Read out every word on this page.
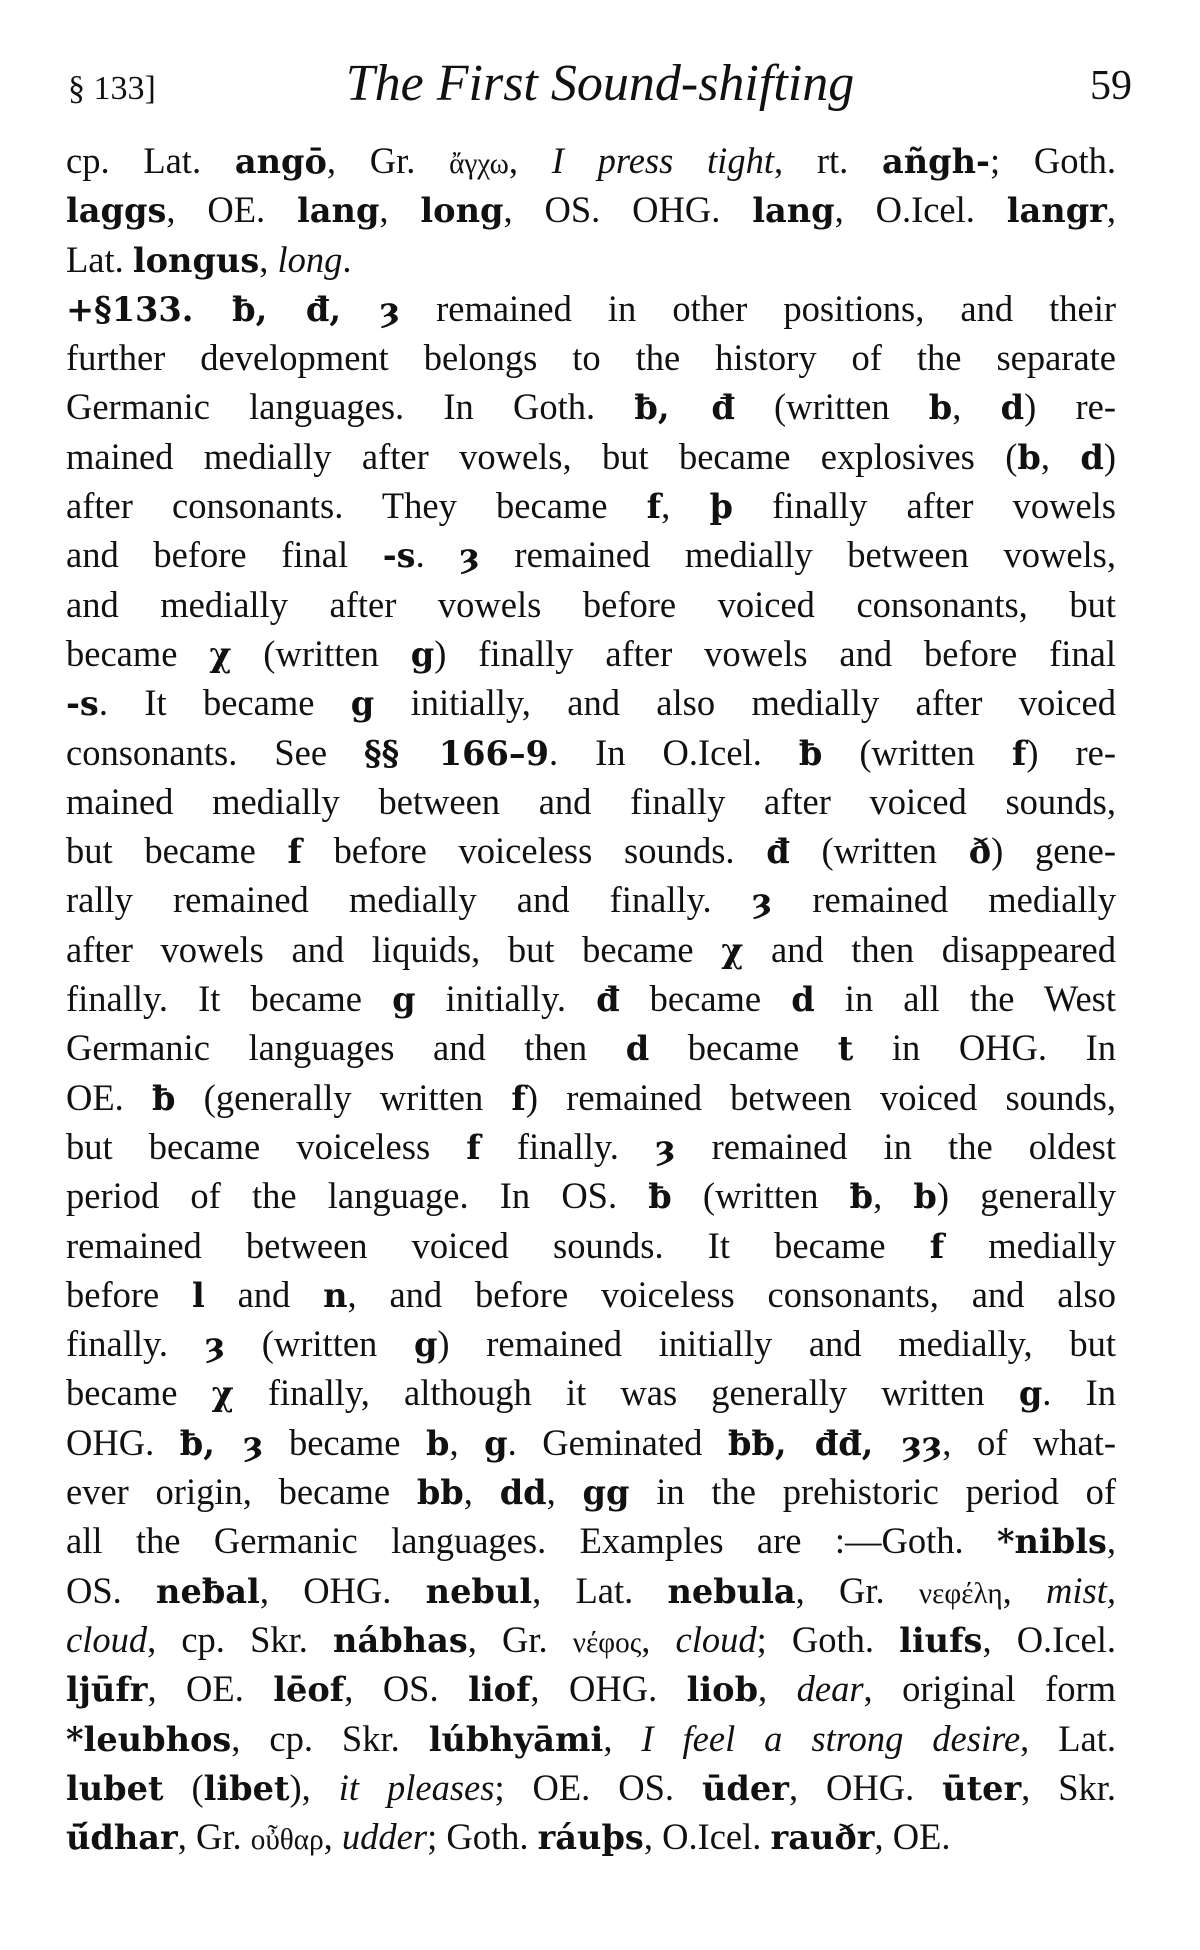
§ 133]	The First Sound-shifting	59
cp. Lat. angō, Gr. ἄγχω, I press tight, rt. añgh-; Goth.
laggs, OE. lang, long, OS. OHG. lang, O.Icel. langr,
Lat. longus, long.
+§133. ƀ, đ, ȝ remained in other positions, and their
further development belongs to the history of the separate
Germanic languages. In Goth. ƀ, đ (written b, d) re-
mained medially after vowels, but became explosives (b, d)
after consonants. They became f, þ finally after vowels
and before final -s. ȝ remained medially between vowels,
and medially after vowels before voiced consonants, but
became χ (written g) finally after vowels and before final
-s. It became g initially, and also medially after voiced
consonants. See §§ 166–9. In O.Icel. ƀ (written f) re-
mained medially between and finally after voiced sounds,
but became f before voiceless sounds. đ (written ð) gene-
rally remained medially and finally. ȝ remained medially
after vowels and liquids, but became χ and then disappeared
finally. It became g initially. đ became d in all the West
Germanic languages and then d became t in OHG. In
OE. ƀ (generally written f) remained between voiced sounds,
but became voiceless f finally. ȝ remained in the oldest
period of the language. In OS. ƀ (written ƀ, b) generally
remained between voiced sounds. It became f medially
before l and n, and before voiceless consonants, and also
finally. ȝ (written g) remained initially and medially, but
became χ finally, although it was generally written g. In
OHG. ƀ, ȝ became b, g. Geminated ƀƀ, đđ, ȝȝ, of what-
ever origin, became bb, dd, gg in the prehistoric period of
all the Germanic languages. Examples are :—Goth. *nibls,
OS. neƀal, OHG. nebul, Lat. nebula, Gr. νεφέλη, mist,
cloud, cp. Skr. nábhas, Gr. νέφος, cloud; Goth. liufs, O.Icel.
ljūfr, OE. lēof, OS. liof, OHG. liob, dear, original form
*leubhos, cp. Skr. lúbhyāmi, I feel a strong desire, Lat.
lubet (libet), it pleases; OE. OS. ūder, OHG. ūter, Skr.
ū́dhar, Gr. οὖθαρ, udder; Goth. ráuþs, O.Icel. rauðr, OE.
